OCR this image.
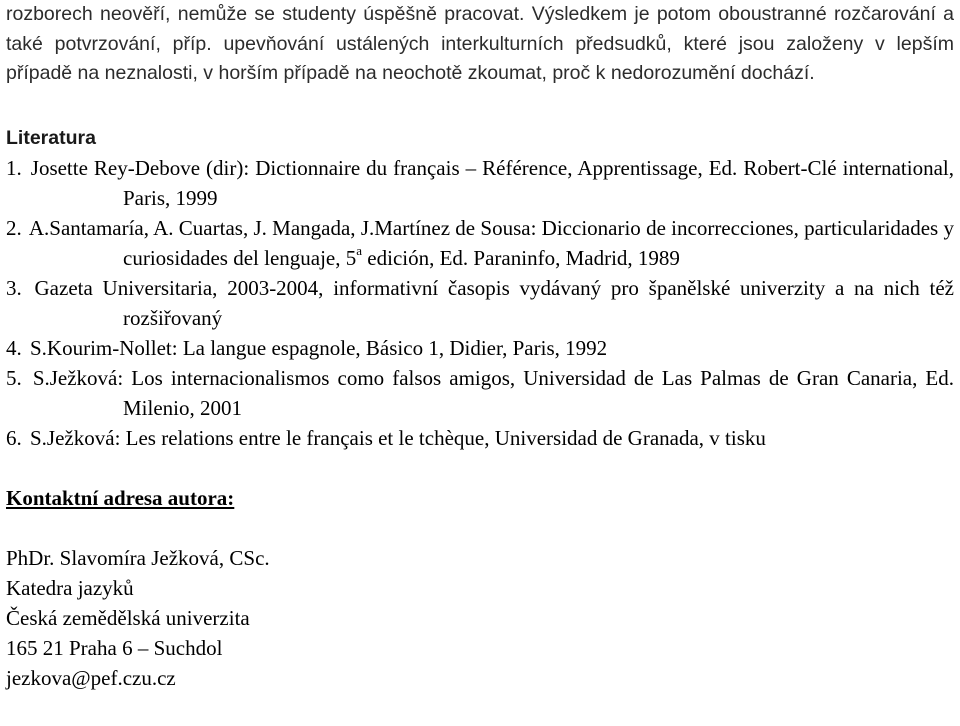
rozborech neověří, nemůže se studenty úspěšně pracovat. Výsledkem je potom oboustranné rozčarování a také potvrzování, příp. upevňování ustálených interkulturních předsudků, které jsou založeny v lepším případě na neznalosti, v horším případě na neochotě zkoumat, proč k nedorozumění dochází.

Literatura
1. Josette Rey-Debove (dir): Dictionnaire du français – Référence, Apprentissage, Ed. Robert-Clé international, Paris, 1999
2. A.Santamaría, A. Cuartas, J. Mangada, J.Martínez de Sousa: Diccionario de incorrecciones, particularidades y curiosidades del lenguaje, 5$^a$ edición, Ed. Paraninfo, Madrid, 1989
3. Gazeta Universitaria, 2003-2004, informativní časopis vydávaný pro španělské univerzity a na nich též rozšiřovaný
4. S.Kourim-Nollet: La langue espagnole, Básico 1, Didier, Paris, 1992
5. S.Ježková: Los internacionalismos como falsos amigos, Universidad de Las Palmas de Gran Canaria, Ed. Milenio, 2001
6. S.Ježková: Les relations entre le français et le tchèque, Universidad de Granada, v tisku
Kontaktní adresa autora:
PhDr. Slavomíra Ježková, CSc.
Katedra jazyků
Česká zemědělská univerzita
165 21 Praha 6 – Suchdol
jezkova@pef.czu.cz
